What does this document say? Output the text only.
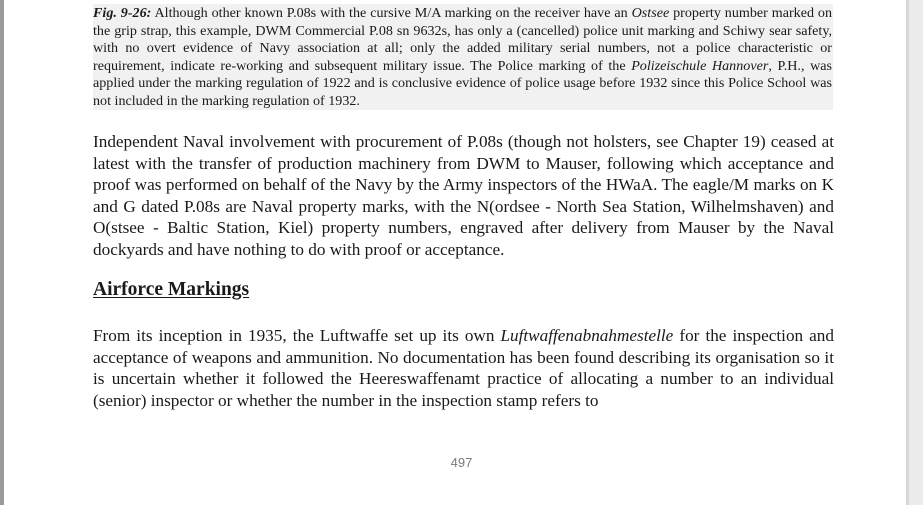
Fig. 9-26: Although other known P.08s with the cursive M/A marking on the receiver have an Ostsee property number marked on the grip strap, this example, DWM Commercial P.08 sn 9632s, has only a (cancelled) police unit marking and Schiwy sear safety, with no overt evidence of Navy association at all; only the added military serial numbers, not a police characteristic or requirement, indicate re-working and subsequent military issue. The Police marking of the Polizeischule Hannover, P.H., was applied under the marking regulation of 1922 and is conclusive evidence of police usage before 1932 since this Police School was not included in the marking regulation of 1932.

Independent Naval involvement with procurement of P.08s (though not holsters, see Chapter 19) ceased at latest with the transfer of production machinery from DWM to Mauser, following which acceptance and proof was performed on behalf of the Navy by the Army inspectors of the HWaA. The eagle/M marks on K and G dated P.08s are Naval property marks, with the N(ordsee - North Sea Station, Wilhelmshaven) and O(stsee - Baltic Station, Kiel) property numbers, engraved after delivery from Mauser by the Naval dockyards and have nothing to do with proof or acceptance.

Airforce Markings

From its inception in 1935, the Luftwaffe set up its own Luftwaffenabnahmestelle for the inspection and acceptance of weapons and ammunition. No documentation has been found describing its organisation so it is uncertain whether it followed the Heereswaffenamt practice of allocating a number to an individual (senior) inspector or whether the number in the inspection stamp refers to

497
